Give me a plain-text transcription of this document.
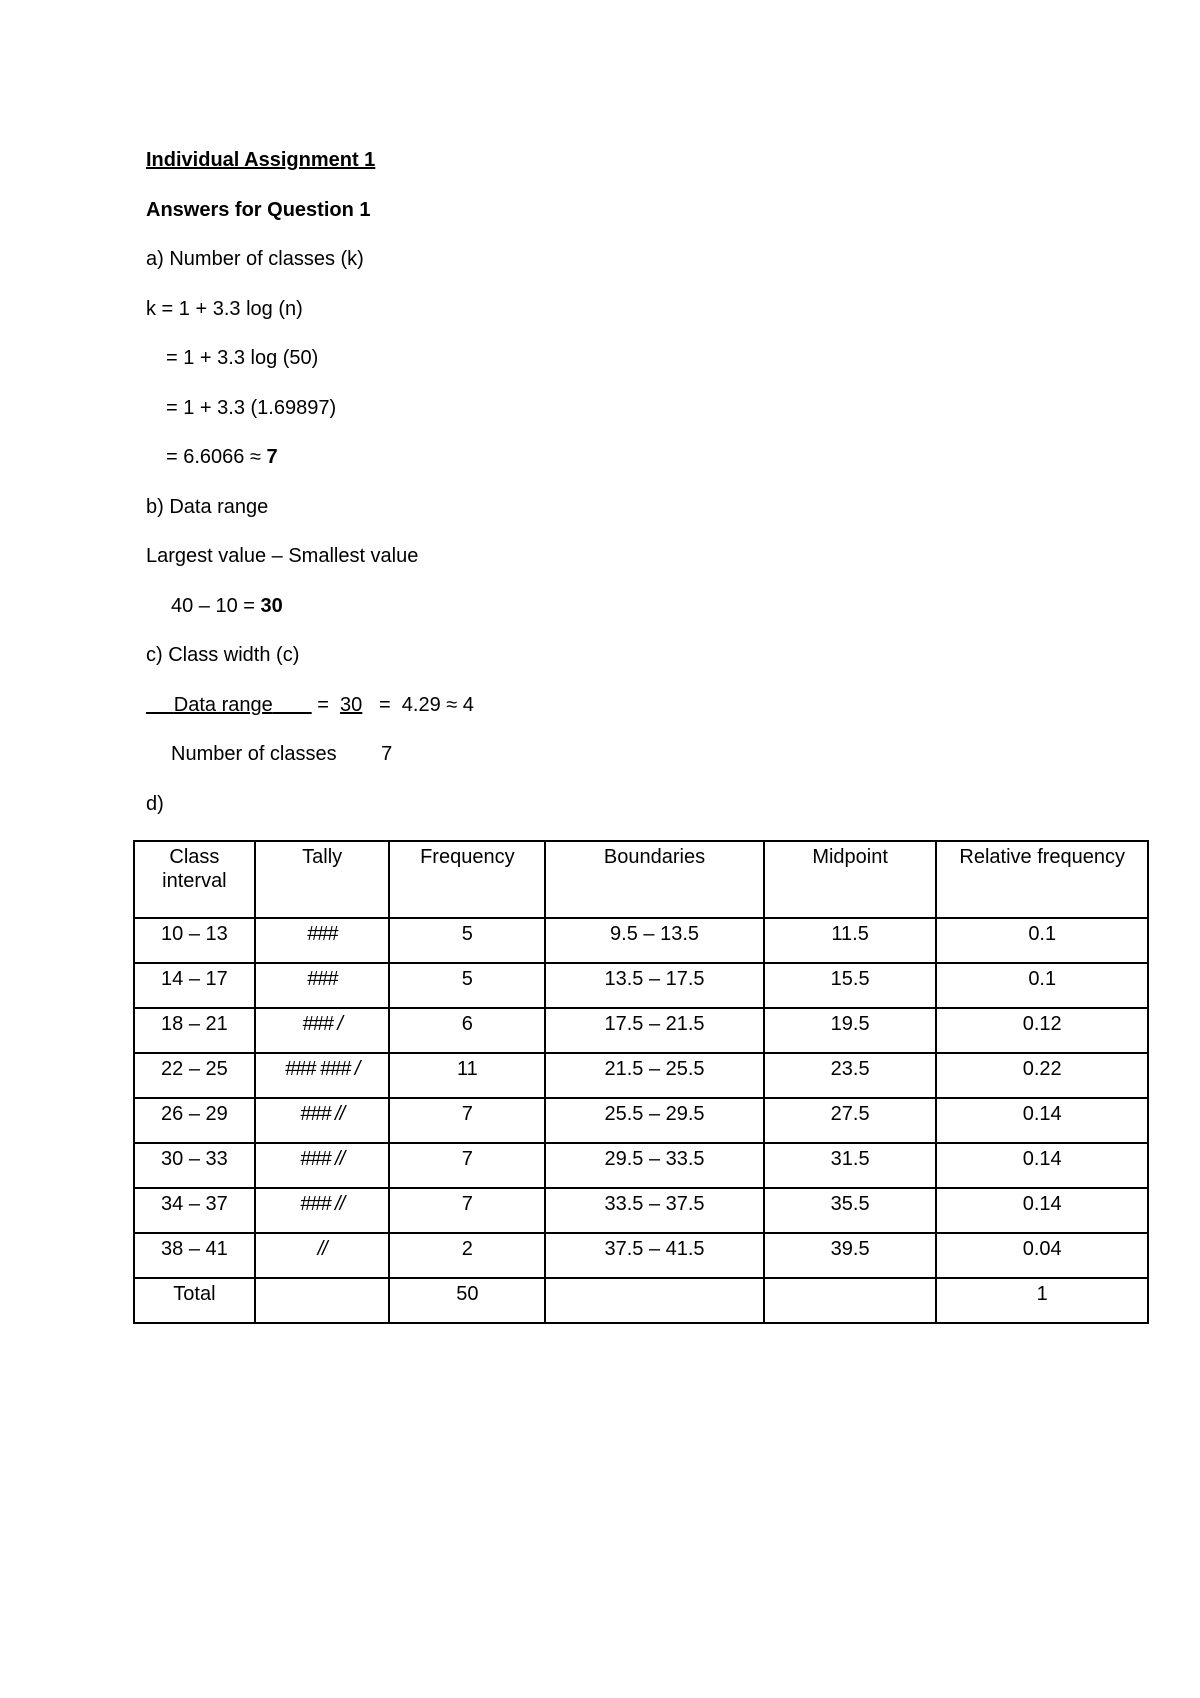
Individual Assignment 1
Answers for Question 1
a) Number of classes (k)
k = 1 + 3.3 log (n)
= 1 + 3.3 log (50)
= 1 + 3.3 (1.69897)
= 6.6066 ≈ 7
b) Data range
Largest value – Smallest value
40 – 10 = 30
c) Class width (c)
Data range = 30 = 4.29 ≈ 4
Number of classes 7
d)
Class interval	Tally	Frequency	Boundaries	Midpoint	Relative frequency
10 – 13	###	5	9.5 – 13.5	11.5	0.1
14 – 17	###	5	13.5 – 17.5	15.5	0.1
18 – 21	### /	6	17.5 – 21.5	19.5	0.12
22 – 25	### ### /	11	21.5 – 25.5	23.5	0.22
26 – 29	### //	7	25.5 – 29.5	27.5	0.14
30 – 33	### //	7	29.5 – 33.5	31.5	0.14
34 – 37	### //	7	33.5 – 37.5	35.5	0.14
38 – 41	//	2	37.5 – 41.5	39.5	0.04
Total		50			1
